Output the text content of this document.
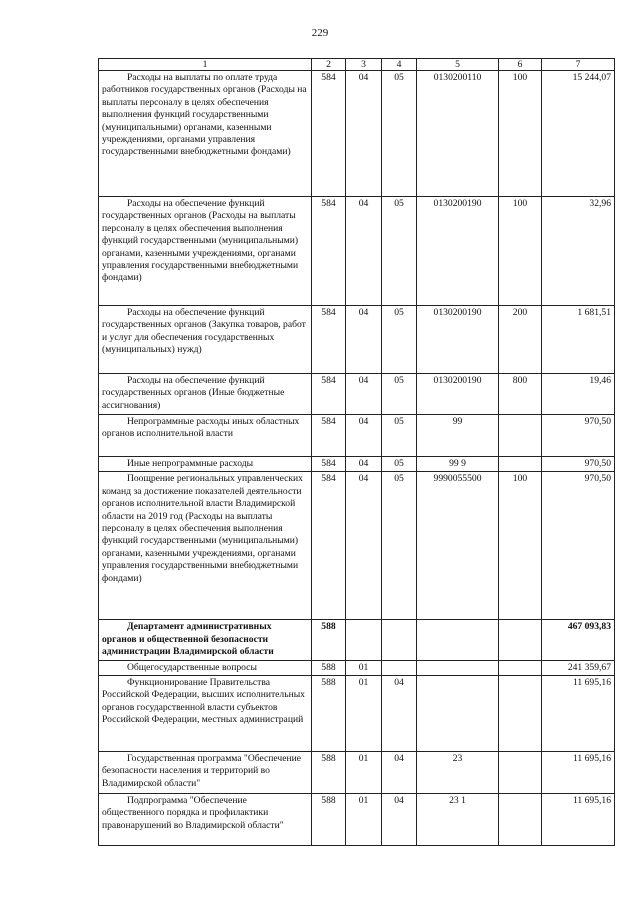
229
1	2	3	4	5	6	7
Расходы на выплаты по оплате труда работников государственных органов (Расходы на выплаты персоналу в целях обеспечения выполнения функций государственными (муниципальными) органами, казенными учреждениями, органами управления государственными внебюджетными фондами)	584	04	05	0130200110	100	15 244,07
Расходы на обеспечение функций государственных органов (Расходы на выплаты персоналу в целях обеспечения выполнения функций государственными (муниципальными) органами, казенными учреждениями, органами управления государственными внебюджетными фондами)	584	04	05	0130200190	100	32,96
Расходы на обеспечение функций государственных органов (Закупка товаров, работ и услуг для обеспечения государственных (муниципальных) нужд)	584	04	05	0130200190	200	1 681,51
Расходы на обеспечение функций государственных органов (Иные бюджетные ассигнования)	584	04	05	0130200190	800	19,46
Непрограммные расходы иных областных органов исполнительной власти	584	04	05	99		970,50
Иные непрограммные расходы	584	04	05	99 9		970,50
Поощрение региональных управленческих команд за достижение показателей деятельности органов исполнительной власти Владимирской области на 2019 год (Расходы на выплаты персоналу в целях обеспечения выполнения функций государственными (муниципальными) органами, казенными учреждениями, органами управления государственными внебюджетными фондами)	584	04	05	9990055500	100	970,50
Департамент административных органов и общественной безопасности администрации Владимирской области	588					467 093,83
Общегосударственные вопросы	588	01				241 359,67
Функционирование Правительства Российской Федерации, высших исполнительных органов государственной власти субъектов Российской Федерации, местных администраций	588	01	04			11 695,16
Государственная программа "Обеспечение безопасности населения и территорий во Владимирской области"	588	01	04	23		11 695,16
Подпрограмма "Обеспечение общественного порядка и профилактики правонарушений во Владимирской области"	588	01	04	23 1		11 695,16
